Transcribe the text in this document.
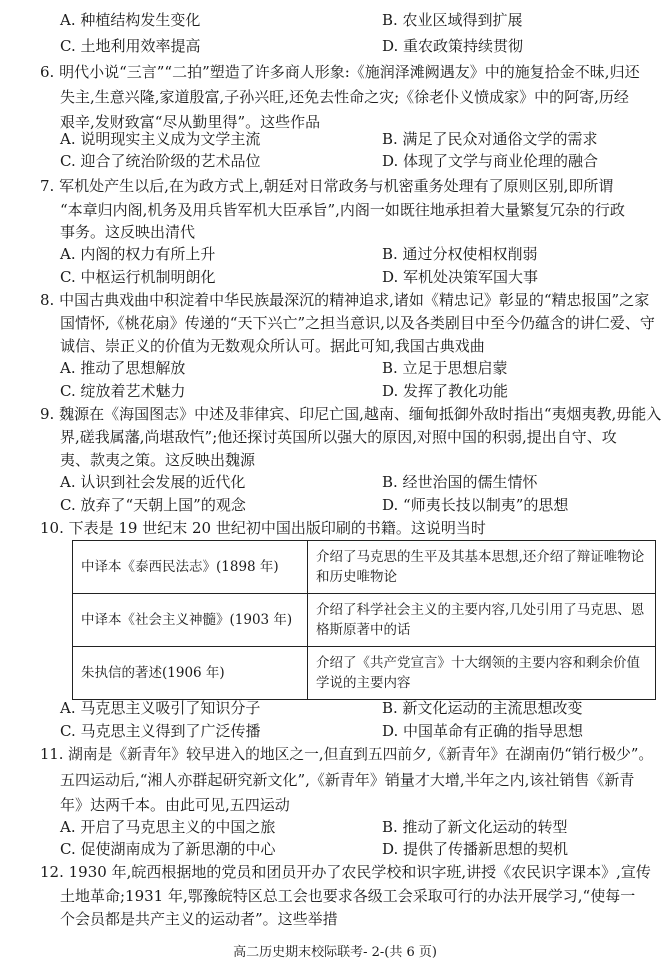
A. 种植结构发生变化	B. 农业区域得到扩展
C. 土地利用效率提高	D. 重农政策持续贯彻
6. 明代小说“三言”“二拍”塑造了许多商人形象:《施润泽滩阙遇友》中的施复拾金不昧,归还
失主,生意兴隆,家道殷富,子孙兴旺,还免去性命之灾;《徐老仆义愤成家》中的阿寄,历经
艰辛,发财致富“尽从勤里得”。这些作品
A. 说明现实主义成为文学主流	B. 满足了民众对通俗文学的需求
C. 迎合了统治阶级的艺术品位	D. 体现了文学与商业伦理的融合
7. 军机处产生以后,在为政方式上,朝廷对日常政务与机密重务处理有了原则区别,即所谓
“本章归内阁,机务及用兵皆军机大臣承旨”,内阁一如既往地承担着大量繁复冗杂的行政
事务。这反映出清代
A. 内阁的权力有所上升	B. 通过分权使相权削弱
C. 中枢运行机制明朗化	D. 军机处决策军国大事
8. 中国古典戏曲中积淀着中华民族最深沉的精神追求,诸如《精忠记》彰显的“精忠报国”之家
国情怀,《桃花扇》传递的“天下兴亡”之担当意识,以及各类剧目中至今仍蕴含的讲仁爱、守
诚信、崇正义的价值为无数观众所认可。据此可知,我国古典戏曲
A. 推动了思想解放	B. 立足于思想启蒙
C. 绽放着艺术魅力	D. 发挥了教化功能
9. 魏源在《海国图志》中述及菲律宾、印尼亡国,越南、缅甸抵御外敌时指出“夷烟夷教,毋能入
界,磋我属藩,尚堪敌忾”;他还探讨英国所以强大的原因,对照中国的积弱,提出自守、攻
夷、款夷之策。这反映出魏源
A. 认识到社会发展的近代化	B. 经世治国的儒生情怀
C. 放弃了“天朝上国”的观念	D. “师夷长技以制夷”的思想
10. 下表是 19 世纪末 20 世纪初中国出版印刷的书籍。这说明当时
中译本《泰西民法志》(1898 年)	介绍了马克思的生平及其基本思想,还介绍了辩证唯物论和历史唯物论
中译本《社会主义神髓》(1903 年)	介绍了科学社会主义的主要内容,几处引用了马克思、恩格斯原著中的话
朱执信的著述(1906 年)	介绍了《共产党宣言》十大纲领的主要内容和剩余价值学说的主要内容
A. 马克思主义吸引了知识分子	B. 新文化运动的主流思想改变
C. 马克思主义得到了广泛传播	D. 中国革命有正确的指导思想
11. 湖南是《新青年》较早进入的地区之一,但直到五四前夕,《新青年》在湖南仍“销行极少”。
五四运动后,“湘人亦群起研究新文化”,《新青年》销量才大增,半年之内,该社销售《新青
年》达两千本。由此可见,五四运动
A. 开启了马克思主义的中国之旅	B. 推动了新文化运动的转型
C. 促使湖南成为了新思潮的中心	D. 提供了传播新思想的契机
12. 1930 年,皖西根据地的党员和团员开办了农民学校和识字班,讲授《农民识字课本》,宣传
土地革命;1931 年,鄂豫皖特区总工会也要求各级工会采取可行的办法开展学习,“使每一
个会员都是共产主义的运动者”。这些举措
高二历史期末校际联考- 2-(共 6 页)
